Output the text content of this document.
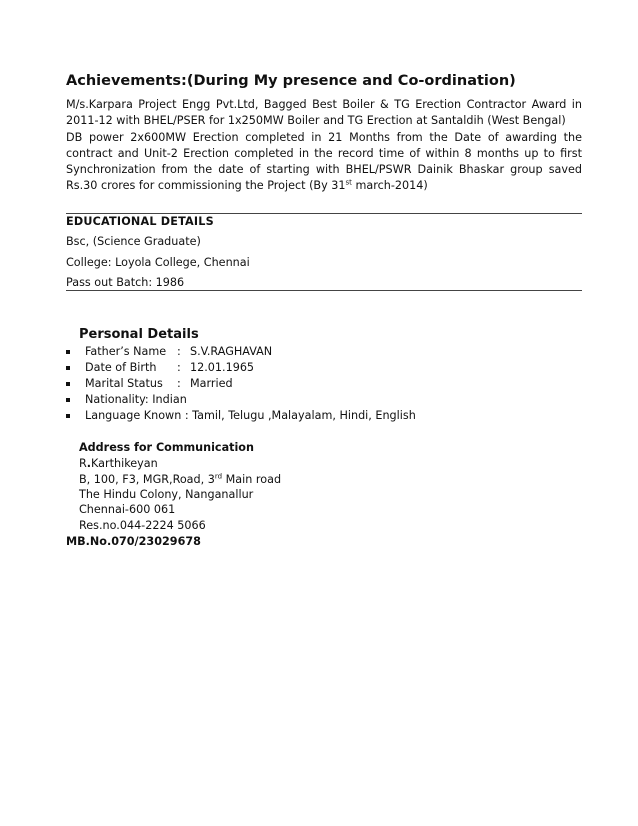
Achievements:(During My presence and Co-ordination)
M/s.Karpara Project Engg Pvt.Ltd, Bagged Best Boiler & TG Erection Contractor Award in 2011-12 with BHEL/PSER for 1x250MW Boiler and TG Erection at Santaldih (West Bengal)
DB power 2x600MW Erection completed in 21 Months from the Date of awarding the contract and Unit-2 Erection completed in the record time of within 8 months up to first Synchronization from the date of starting with BHEL/PSWR Dainik Bhaskar group saved Rs.30 crores for commissioning the Project (By 31st march-2014)
EDUCATIONAL DETAILS
Bsc, (Science Graduate)
College: Loyola College, Chennai
Pass out Batch: 1986
Personal Details
Father’s Name : S.V.RAGHAVAN
Date of Birth : 12.01.1965
Marital Status : Married
Nationality: Indian
Language Known : Tamil, Telugu ,Malayalam, Hindi, English
Address for Communication
R.Karthikeyan
B, 100, F3, MGR,Road, 3rd Main road
The Hindu Colony, Nanganallur
Chennai-600 061
Res.no.044-2224 5066
MB.No.070/23029678
